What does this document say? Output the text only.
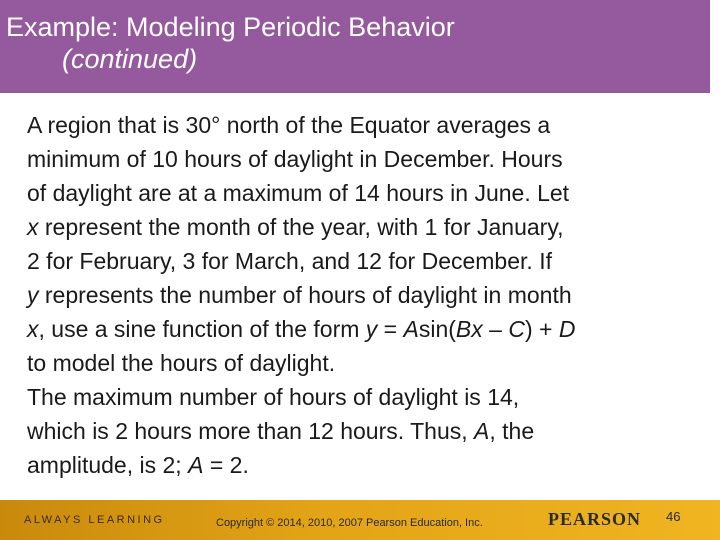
Example: Modeling Periodic Behavior
(continued)

A region that is 30° north of the Equator averages a

minimum of 10 hours of daylight in December. Hours

of daylight are at a maximum of 14 hours in June. Let

x represent the month of the year, with 1 for January,

2 for February, 3 for March, and 12 for December. If

y represents the number of hours of daylight in month

x, use a sine function of the form y = Asin(Bx – C) + D

to model the hours of daylight.

The maximum number of hours of daylight is 14,

which is 2 hours more than 12 hours. Thus, A, the

amplitude, is 2; A = 2.

ALWAYS LEARNING	Copyright © 2014, 2010, 2007 Pearson Education, Inc.	PEARSON 46
